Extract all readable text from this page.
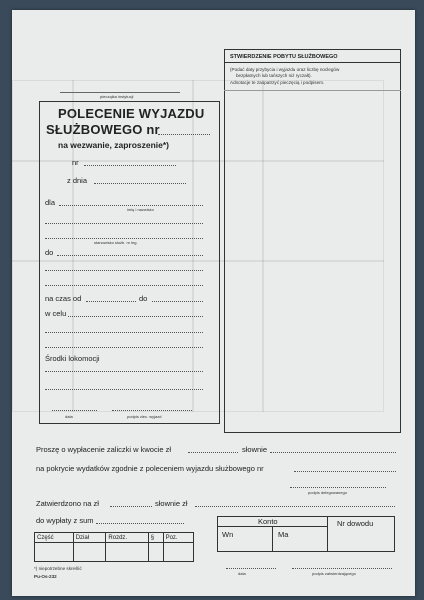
pieczątka instytucji
POLECENIE WYJAZDU
SŁUŻBOWEGO nr
na wezwanie, zaproszenie*)
nr
z dnia
dla
imię i nazwisko
stanowisko służb. nr leg.
do
na czas od	do
w celu
Środki lokomocji
data	podpis zlec. wyjazd
STWIERDZENIE POBYTU SŁUŻBOWEGO
(Podać daty przybycia i wyjazdu oraz liczbę noclegów
bezpłatnych lub tańszych niż ryczałt).
Adnotacje te zaopatrzyć pieczęcią i podpisem.
Proszę o wypłacenie zaliczki w kwocie zł	słownie
na pokrycie wydatków zgodnie z poleceniem wyjazdu służbowego nr
podpis delegowanego
Zatwierdzono na zł	słownie zł
do wypłaty z sum
Część	Dział	Rozdz.	§	Poz.

Konto	Nr dowodu
Wn	Ma
*) niepotrzebne skreślić
Pu-Os-232
data	podpis zatwierdzającego
